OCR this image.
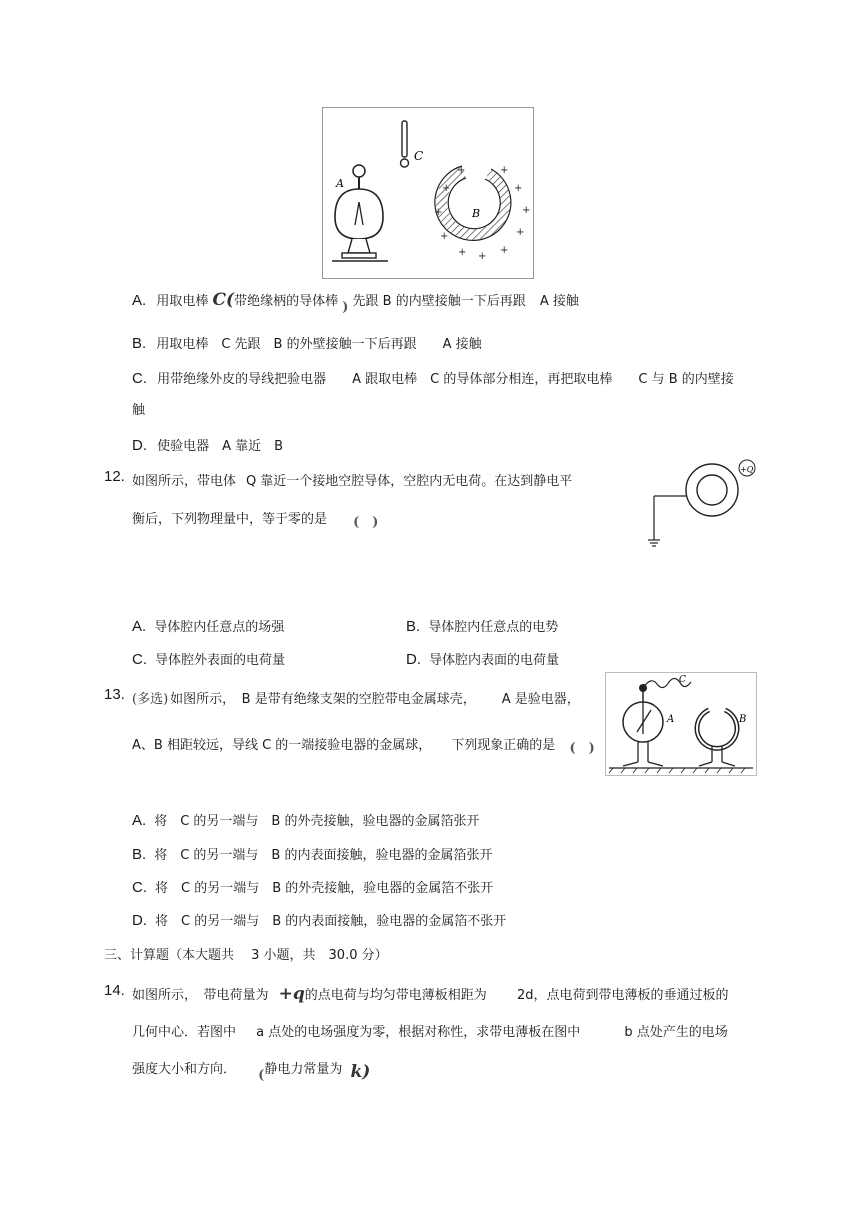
A
C
B
+	+
+	+
+	+
+	+
+ +
+
A. 用取电棒 C(带绝缘柄的导体棒 ) 先跟 B 的内壁接触一下后再跟 A 接触
B. 用取电棒　C 先跟　B 的外壁接触一下后再跟　　A 接触
C. 用带绝缘外皮的导线把验电器　　A 跟取电棒　C 的导体部分相连，再把取电棒　　C 与 B 的内壁接
触
D. 使验电器　A 靠近　B
12. 如图所示，带电体 Q 靠近一个接地空腔导体，空腔内无电荷。在达到静电平
衡后，下列物理量中，等于零的是 (　)
+Q
A. 导体腔内任意点的场强	B. 导体腔内任意点的电势
C. 导体腔外表面的电荷量	D. 导体腔内表面的电荷量
13. (多选) 如图所示，　B 是带有绝缘支架的空腔带电金属球壳， A 是验电器，
A、B 相距较远，导线 C 的一端接验电器的金属球， 下列现象正确的是 (　)
C
A	B
A. 将　C 的另一端与　B 的外壳接触，验电器的金属箔张开
B. 将　C 的另一端与　B 的内表面接触，验电器的金属箔张开
C. 将　C 的另一端与　B 的外壳接触，验电器的金属箔不张开
D. 将　C 的另一端与　B 的内表面接触，验电器的金属箔不张开
三、计算题（本大题共　 3 小题，共　30.0 分）
14. 如图所示，　带电荷量为 +q的点电荷与均匀带电薄板相距为 2d，点电荷到带电薄板的垂通过板的
几何中心．若图中 a 点处的电场强度为零，根据对称性，求带电薄板在图中	b 点处产生的电场
强度大小和方向． (静电力常量为 k)
